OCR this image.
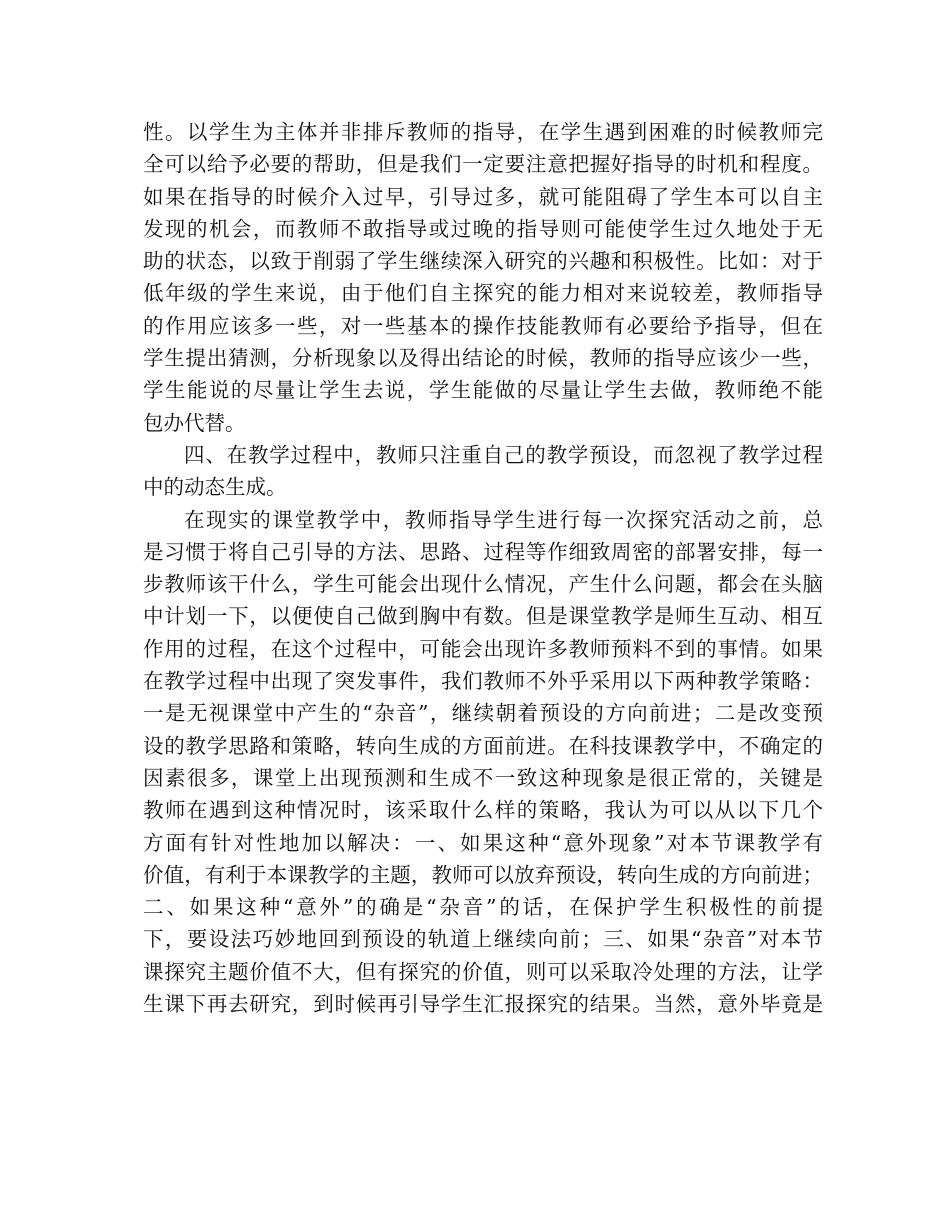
性。以学生为主体并非排斥教师的指导，在学生遇到困难的时候教师完
全可以给予必要的帮助，但是我们一定要注意把握好指导的时机和程度。
如果在指导的时候介入过早，引导过多，就可能阻碍了学生本可以自主
发现的机会，而教师不敢指导或过晚的指导则可能使学生过久地处于无
助的状态，以致于削弱了学生继续深入研究的兴趣和积极性。比如：对于
低年级的学生来说，由于他们自主探究的能力相对来说较差，教师指导
的作用应该多一些，对一些基本的操作技能教师有必要给予指导，但在
学生提出猜测，分析现象以及得出结论的时候，教师的指导应该少一些，
学生能说的尽量让学生去说，学生能做的尽量让学生去做，教师绝不能
包办代替。
四、在教学过程中，教师只注重自己的教学预设，而忽视了教学过程
中的动态生成。
在现实的课堂教学中，教师指导学生进行每一次探究活动之前，总
是习惯于将自己引导的方法、思路、过程等作细致周密的部署安排，每一
步教师该干什么，学生可能会出现什么情况，产生什么问题，都会在头脑
中计划一下，以便使自己做到胸中有数。但是课堂教学是师生互动、相互
作用的过程，在这个过程中，可能会出现许多教师预料不到的事情。如果
在教学过程中出现了突发事件，我们教师不外乎采用以下两种教学策略：
一是无视课堂中产生的“杂音”，继续朝着预设的方向前进；二是改变预
设的教学思路和策略，转向生成的方面前进。在科技课教学中，不确定的
因素很多，课堂上出现预测和生成不一致这种现象是很正常的，关键是
教师在遇到这种情况时，该采取什么样的策略，我认为可以从以下几个
方面有针对性地加以解决：一、如果这种“意外现象”对本节课教学有
价值，有利于本课教学的主题，教师可以放弃预设，转向生成的方向前进；
二、如果这种“意外”的确是“杂音”的话，在保护学生积极性的前提
下，要设法巧妙地回到预设的轨道上继续向前；三、如果“杂音”对本节
课探究主题价值不大，但有探究的价值，则可以采取冷处理的方法，让学
生课下再去研究，到时候再引导学生汇报探究的结果。当然，意外毕竟是
